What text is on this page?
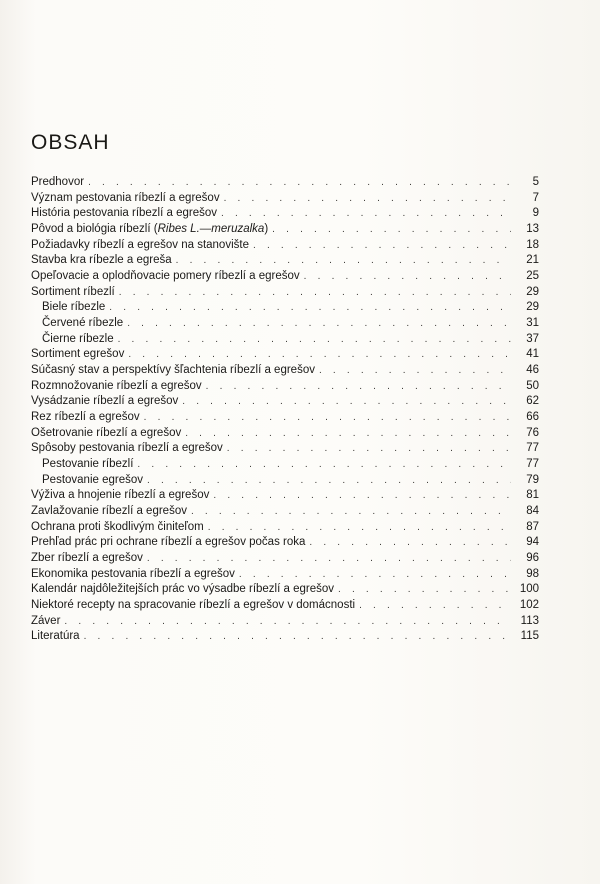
OBSAH
Predhovor . . .	5
Význam pestovania ríbezlí a egrešov . . .	7
História pestovania ríbezlí a egrešov . . .	9
Pôvod a biológia ríbezlí (Ribes L.—meruzalka) . . .	13
Požiadavky ríbezlí a egrešov na stanovište . . .	18
Stavba kra ríbezle a egreša . . .	21
Opeľovacie a oplodňovacie pomery ríbezlí a egrešov . . .	25
Sortiment ríbezlí . . .	29
Biele ríbezle . . .	29
Červené ríbezle . . .	31
Čierne ríbezle . . .	37
Sortiment egrešov . . .	41
Súčasný stav a perspektívy šľachtenia ríbezlí a egrešov . . .	46
Rozmnožovanie ríbezlí a egrešov . . .	50
Vysádzanie ríbezlí a egrešov . . .	62
Rez ríbezlí a egrešov . . .	66
Ošetrovanie ríbezlí a egrešov . . .	76
Spôsoby pestovania ríbezlí a egrešov . . .	77
Pestovanie ríbezlí . . .	77
Pestovanie egrešov . . .	79
Výživa a hnojenie ríbezlí a egrešov . . .	81
Zavlažovanie ríbezlí a egrešov . . .	84
Ochrana proti škodlivým činiteľom . . .	87
Prehľad prác pri ochrane ríbezlí a egrešov počas roka . . .	94
Zber ríbezlí a egrešov . . .	96
Ekonomika pestovania ríbezlí a egrešov . . .	98
Kalendár najdôležitejších prác vo výsadbe ríbezlí a egrešov . . .	100
Niektoré recepty na spracovanie ríbezlí a egrešov v domácnosti . . .	102
Záver . . .	113
Literatúra . . .	115
